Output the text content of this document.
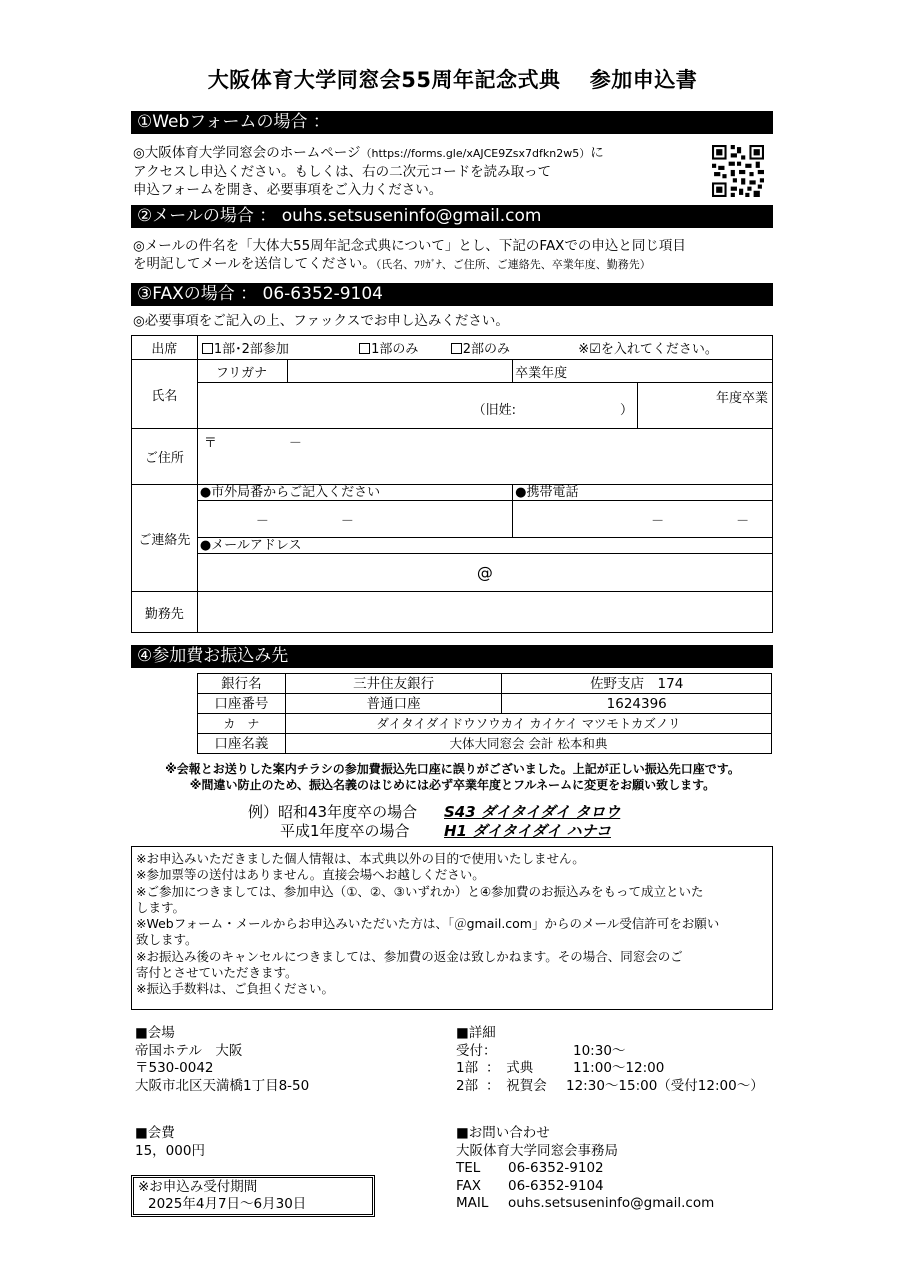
大阪体育大学同窓会55周年記念式典　 参加申込書
①Webフォームの場合 ：
◎大阪体育大学同窓会のホームページ（https://forms.gle/xAJCE9Zsx7dfkn2w5）に
アクセスし申込ください。もしくは、右の二次元コードを読み取って
申込フォームを開き、必要事項をご入力ください。
②メールの場合 ： ouhs.setsuseninfo@gmail.com
◎メールの件名を「大体大55周年記念式典について」とし、下記のFAXでの申込と同じ項目
を明記してメールを送信してください。（氏名、ﾌﾘｶﾞﾅ、ご住所、ご連絡先、卒業年度、勤務先）
③FAXの場合 ： 06-6352-9104
◎必要事項をご記入の上、ファックスでお申し込みください。
出席	1部･2部参加 1部のみ 2部のみ ※☑を入れてください。			
氏名	フリガナ		卒業年度	
	（旧姓:　　　　　　　　）			年度卒業
ご住所	〒 －			
ご連絡先	●市外局番からご記入ください		●携帯電話	
	－ －		－ －	
	●メールアドレス			
	@			
勤務先				
④参加費お振込み先
銀行名	三井住友銀行	佐野支店　174
口座番号	普通口座	1624396
カ　ナ	ダイタイダイドウソウカイ カイケイ マツモトカズノリ	
口座名義	大体大同窓会 会計 松本和典	
※会報とお送りした案内チラシの参加費振込先口座に誤りがございました。上記が正しい振込先口座です。
※間違い防止のため、振込名義のはじめには必ず卒業年度とフルネームに変更をお願い致します。
例）昭和43年度卒の場合 S43 ダイタイダイ タロウ
平成1年度卒の場合 H1 ダイタイダイ ハナコ
※お申込みいただきました個人情報は、本式典以外の目的で使用いたしません。
※参加票等の送付はありません。直接会場へお越しください。
※ご参加につきましては、参加申込（①、②、③いずれか）と④参加費のお振込みをもって成立といた
します。
※Webフォーム・メールからお申込みいただいた方は、「＠gmail.com」からのメール受信許可をお願い
致します。
※お振込み後のキャンセルにつきましては、参加費の返金は致しかねます。その場合、同窓会のご
寄付とさせていただきます。
※振込手数料は、ご負担ください。
■会場
帝国ホテル　大阪
〒530-0042
大阪市北区天満橋1丁目8-50
■会費
15，000円
※お申込み受付期間
2025年4月7日～6月30日
■詳細
受付：	10:30～
1部 ：　式典	11:00～12:00
2部 ：　祝賀会 12:30～15:00（受付12:00～）
■お問い合わせ
大阪体育大学同窓会事務局
TEL 06-6352-9102
FAX 06-6352-9104
MAIL ouhs.setsuseninfo@gmail.com
